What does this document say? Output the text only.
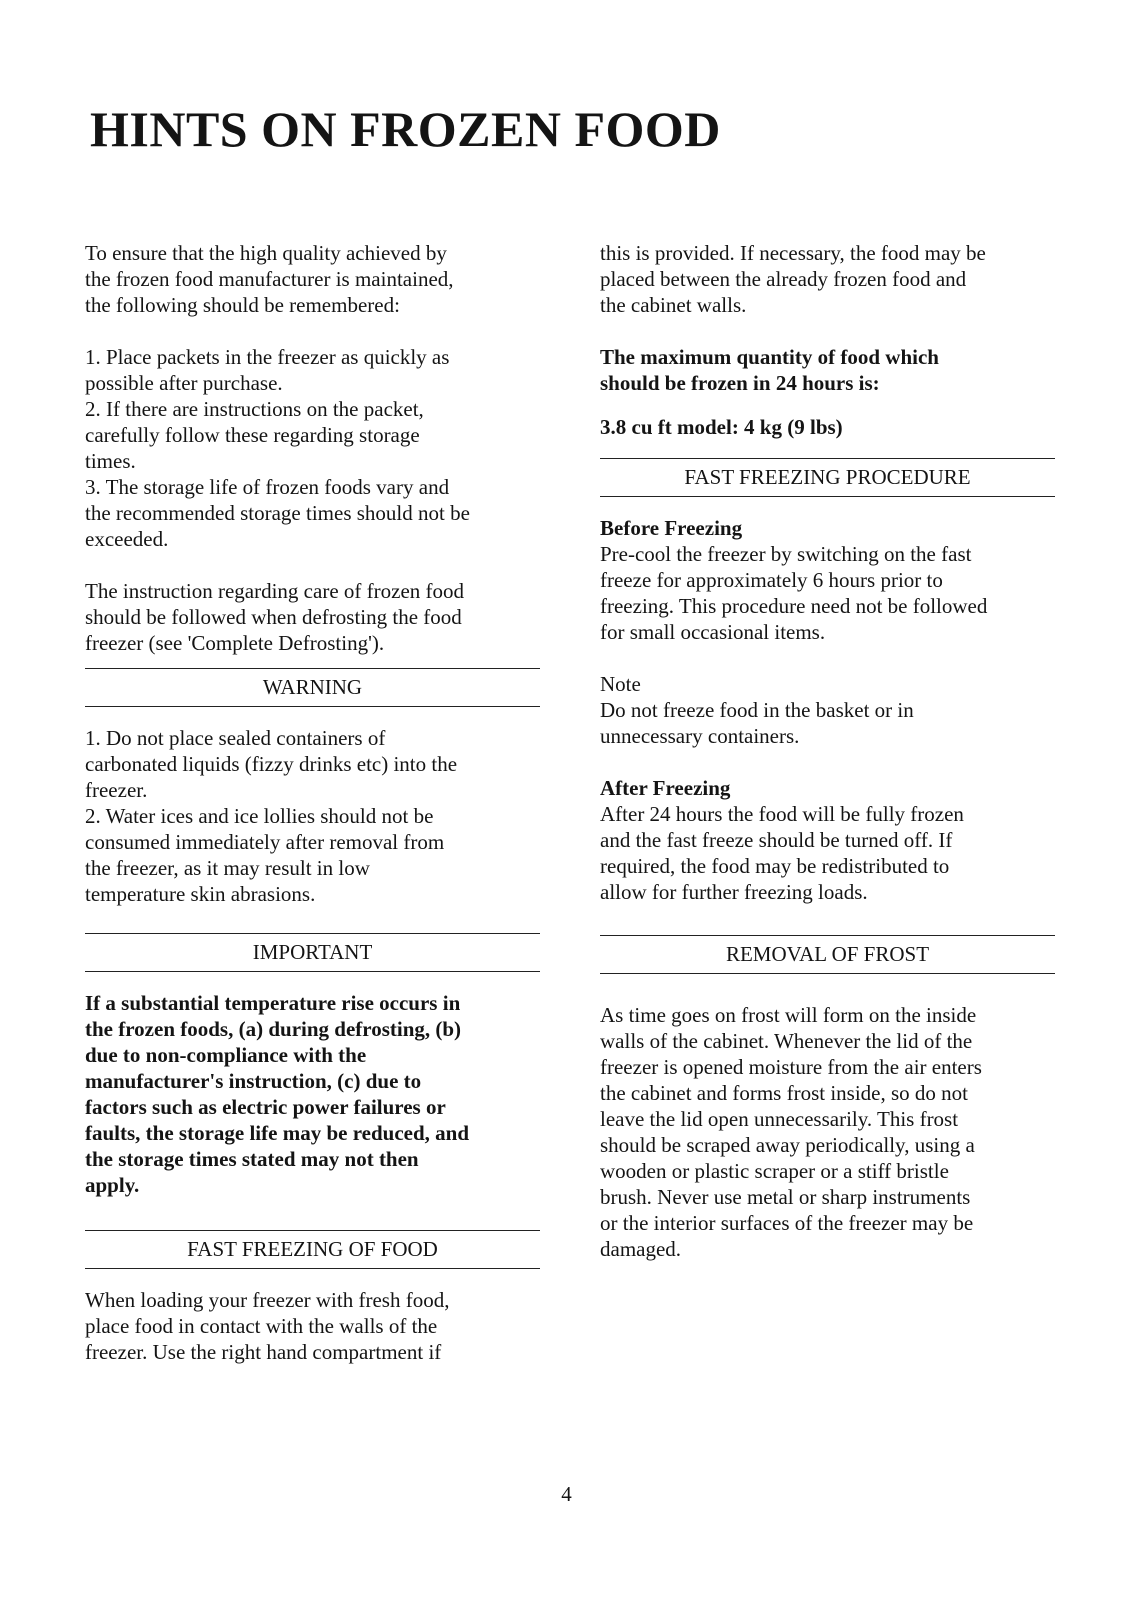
HINTS ON FROZEN FOOD

To ensure that the high quality achieved by
the frozen food manufacturer is maintained,
the following should be remembered:

1. Place packets in the freezer as quickly as
possible after purchase.
2. If there are instructions on the packet,
carefully follow these regarding storage
times.
3. The storage life of frozen foods vary and
the recommended storage times should not be
exceeded.

The instruction regarding care of frozen food
should be followed when defrosting the food
freezer (see 'Complete Defrosting').

WARNING

1. Do not place sealed containers of
carbonated liquids (fizzy drinks etc) into the
freezer.
2. Water ices and ice lollies should not be
consumed immediately after removal from
the freezer, as it may result in low
temperature skin abrasions.

IMPORTANT

If a substantial temperature rise occurs in
the frozen foods, (a) during defrosting, (b)
due to non-compliance with the
manufacturer's instruction, (c) due to
factors such as electric power failures or
faults, the storage life may be reduced, and
the storage times stated may not then
apply.

FAST FREEZING OF FOOD

When loading your freezer with fresh food,
place food in contact with the walls of the
freezer. Use the right hand compartment if

this is provided. If necessary, the food may be
placed between the already frozen food and
the cabinet walls.

The maximum quantity of food which
should be frozen in 24 hours is:

3.8 cu ft model: 4 kg (9 lbs)

FAST FREEZING PROCEDURE

Before Freezing

Pre-cool the freezer by switching on the fast
freeze for approximately 6 hours prior to
freezing. This procedure need not be followed
for small occasional items.

Note

Do not freeze food in the basket or in
unnecessary containers.

After Freezing

After 24 hours the food will be fully frozen
and the fast freeze should be turned off. If
required, the food may be redistributed to
allow for further freezing loads.

REMOVAL OF FROST

As time goes on frost will form on the inside
walls of the cabinet. Whenever the lid of the
freezer is opened moisture from the air enters
the cabinet and forms frost inside, so do not
leave the lid open unnecessarily. This frost
should be scraped away periodically, using a
wooden or plastic scraper or a stiff bristle
brush. Never use metal or sharp instruments
or the interior surfaces of the freezer may be
damaged.

4
